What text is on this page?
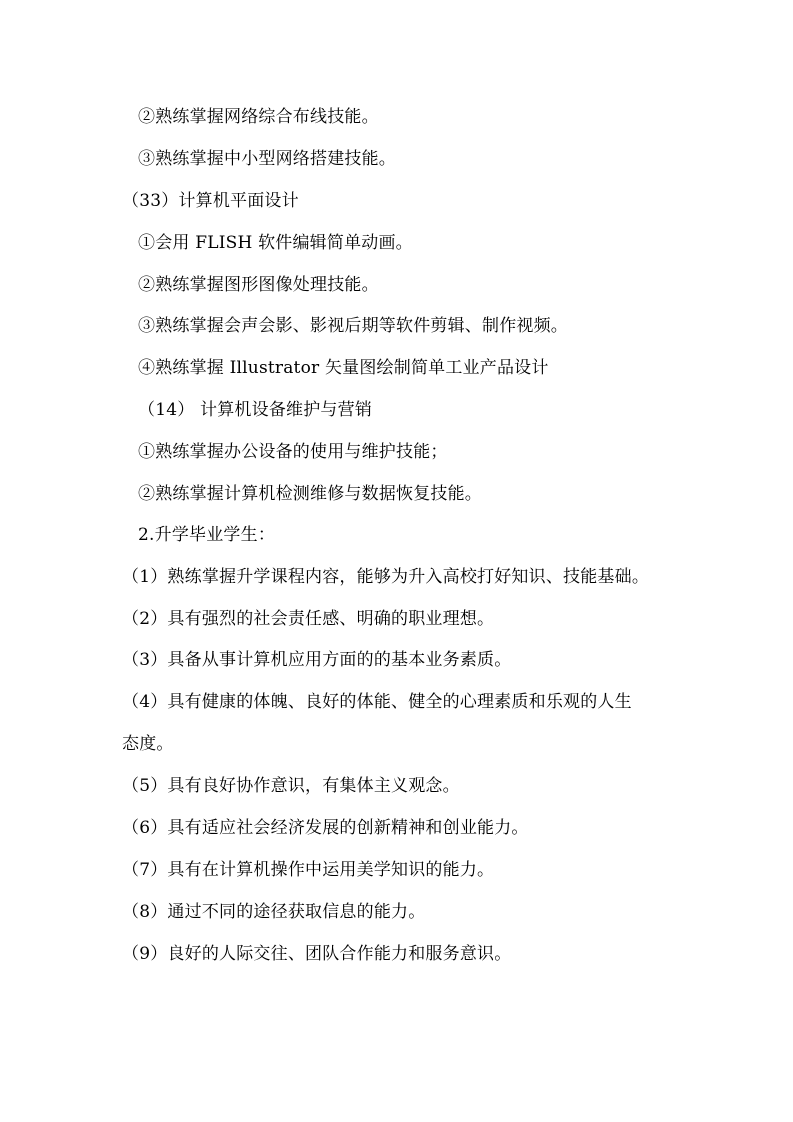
②熟练掌握网络综合布线技能。
③熟练掌握中小型网络搭建技能。
（33）计算机平面设计
①会用 FLISH 软件编辑简单动画。
②熟练掌握图形图像处理技能。
③熟练掌握会声会影、影视后期等软件剪辑、制作视频。
④熟练掌握 Illustrator 矢量图绘制简单工业产品设计
（14） 计算机设备维护与营销
①熟练掌握办公设备的使用与维护技能；
②熟练掌握计算机检测维修与数据恢复技能。
2.升学毕业学生：
（1）熟练掌握升学课程内容，能够为升入高校打好知识、技能基础。
（2）具有强烈的社会责任感、明确的职业理想。
（3）具备从事计算机应用方面的的基本业务素质。
（4）具有健康的体魄、良好的体能、健全的心理素质和乐观的人生
态度。
（5）具有良好协作意识，有集体主义观念。
（6）具有适应社会经济发展的创新精神和创业能力。
（7）具有在计算机操作中运用美学知识的能力。
（8）通过不同的途径获取信息的能力。
（9）良好的人际交往、团队合作能力和服务意识。
